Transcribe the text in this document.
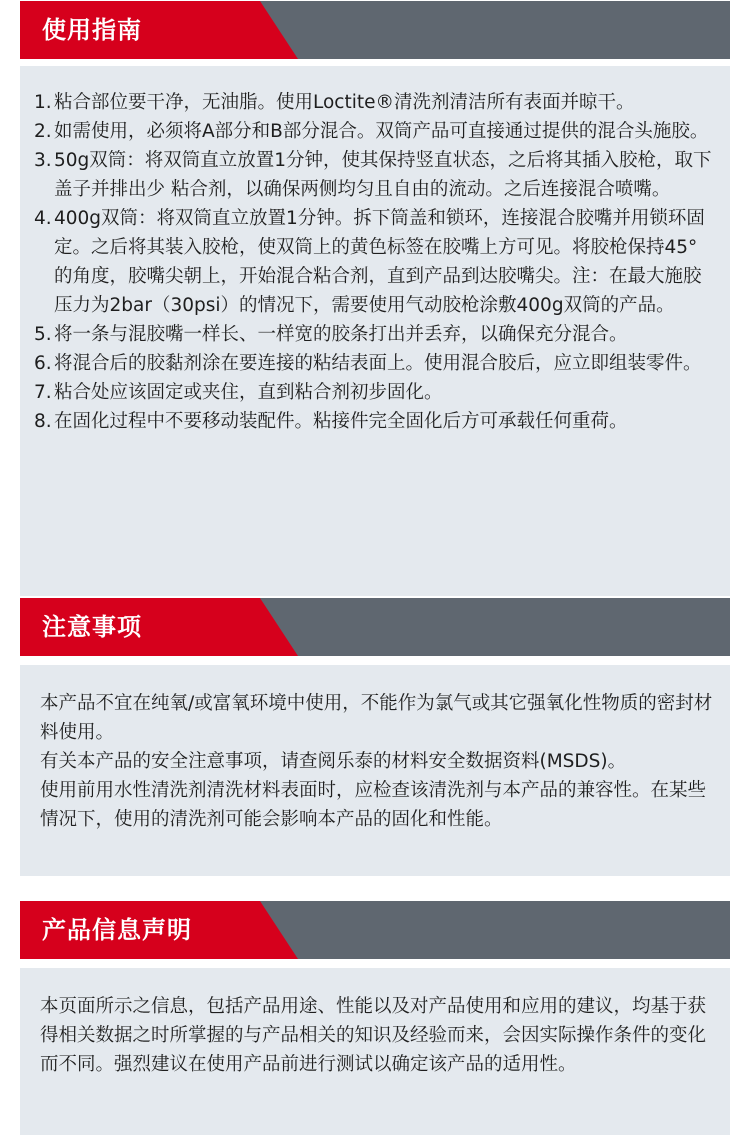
使用指南
1. 粘合部位要干净，无油脂。使用Loctite®清洗剂清洁所有表面并晾干。
2. 如需使用，必须将A部分和B部分混合。双筒产品可直接通过提供的混合头施胶。
3. 50g双筒：将双筒直立放置1分钟，使其保持竖直状态，之后将其插入胶枪，取下盖子并排出少 粘合剂，以确保两侧均匀且自由的流动。之后连接混合喷嘴。
4. 400g双筒：将双筒直立放置1分钟。拆下筒盖和锁环，连接混合胶嘴并用锁环固定。之后将其装入胶枪，使双筒上的黄色标签在胶嘴上方可见。将胶枪保持45°的角度，胶嘴尖朝上，开始混合粘合剂，直到产品到达胶嘴尖。注：在最大施胶压力为2bar（30psi）的情况下，需要使用气动胶枪涂敷400g双筒的产品。
5. 将一条与混胶嘴一样长、一样宽的胶条打出并丢弃，以确保充分混合。
6. 将混合后的胶黏剂涂在要连接的粘结表面上。使用混合胶后，应立即组装零件。
7. 粘合处应该固定或夹住，直到粘合剂初步固化。
8. 在固化过程中不要移动装配件。粘接件完全固化后方可承载任何重荷。
注意事项

本产品不宜在纯氧/或富氧环境中使用，不能作为氯气或其它强氧化性物质的密封材料使用。

有关本产品的安全注意事项，请查阅乐泰的材料安全数据资料(MSDS)。

使用前用水性清洗剂清洗材料表面时，应检查该清洗剂与本产品的兼容性。在某些情况下，使用的清洗剂可能会影响本产品的固化和性能。

产品信息声明

本页面所示之信息，包括产品用途、性能以及对产品使用和应用的建议，均基于获得相关数据之时所掌握的与产品相关的知识及经验而来，会因实际操作条件的变化而不同。强烈建议在使用产品前进行测试以确定该产品的适用性。
